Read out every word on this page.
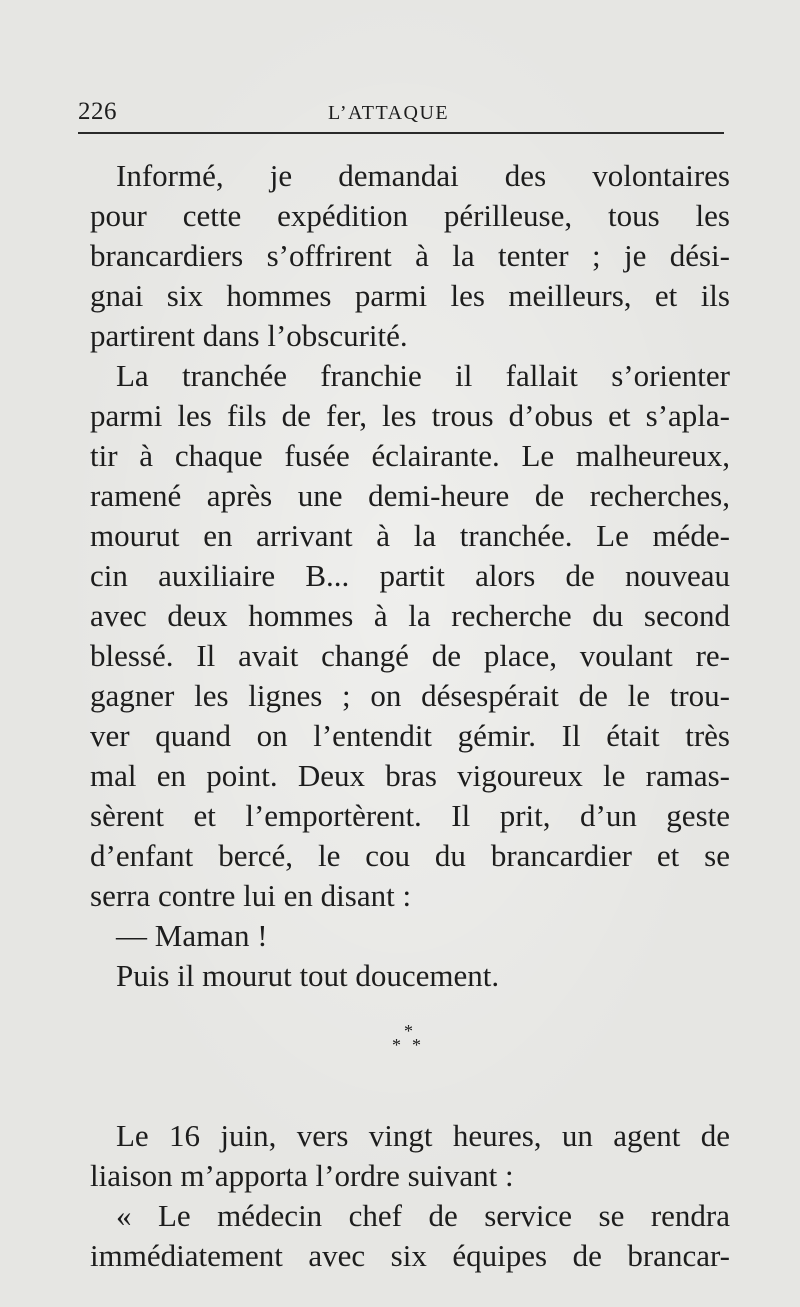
226	L’ATTAQUE
Informé, je demandai des volontaires
pour cette expédition périlleuse, tous les
brancardiers s’offrirent à la tenter ; je dési-
gnai six hommes parmi les meilleurs, et ils
partirent dans l’obscurité.
La tranchée franchie il fallait s’orienter
parmi les fils de fer, les trous d’obus et s’apla-
tir à chaque fusée éclairante. Le malheureux,
ramené après une demi-heure de recherches,
mourut en arrivant à la tranchée. Le méde-
cin auxiliaire B... partit alors de nouveau
avec deux hommes à la recherche du second
blessé. Il avait changé de place, voulant re-
gagner les lignes ; on désespérait de le trou-
ver quand on l’entendit gémir. Il était très
mal en point. Deux bras vigoureux le ramas-
sèrent et l’emportèrent. Il prit, d’un geste
d’enfant bercé, le cou du brancardier et se
serra contre lui en disant :
— Maman !
Puis il mourut tout doucement.
*
* *
Le 16 juin, vers vingt heures, un agent de
liaison m’apporta l’ordre suivant :
« Le médecin chef de service se rendra
immédiatement avec six équipes de brancar-
